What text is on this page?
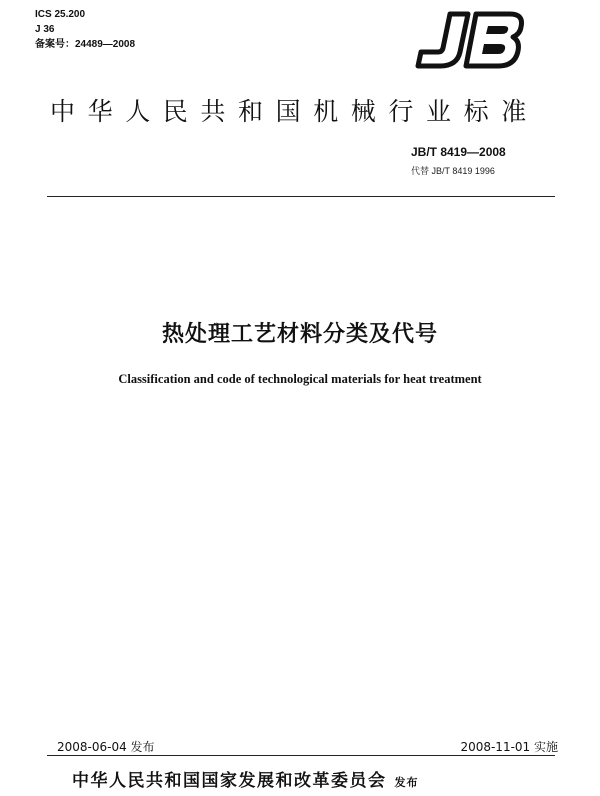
ICS 25.200
J 36
备案号：24489—2008
中华人民共和国机械行业标准
JB/T 8419—2008
代替 JB/T 8419 1996
热处理工艺材料分类及代号
Classification and code of technological materials for heat treatment
2008-06-04 发布	2008-11-01 实施
中华人民共和国国家发展和改革委员会 发布
